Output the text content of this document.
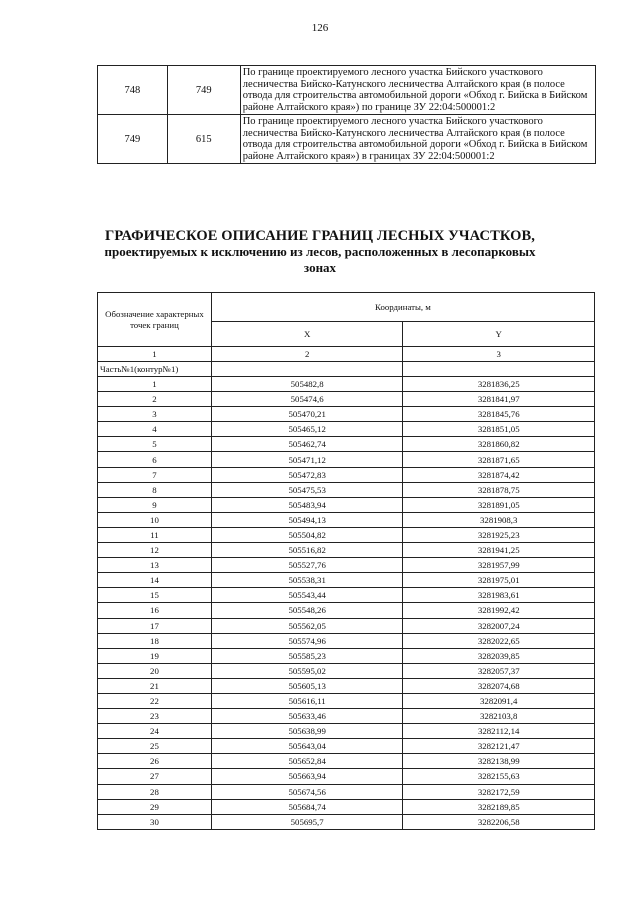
126
748	749	По границе проектируемого лесного участка Бийского участкового лесничества Бийско-Катунского лесничества Алтайского края (в полосе отвода для строительства автомобильной дороги «Обход г. Бийска в Бийском районе Алтайского края») по границе ЗУ 22:04:500001:2
749	615	По границе проектируемого лесного участка Бийского участкового лесничества Бийско-Катунского лесничества Алтайского края (в полосе отвода для строительства автомобильной дороги «Обход г. Бийска в Бийском районе Алтайского края») в границах ЗУ 22:04:500001:2
ГРАФИЧЕСКОЕ ОПИСАНИЕ ГРАНИЦ ЛЕСНЫХ УЧАСТКОВ,
проектируемых к исключению из лесов, расположенных в лесопарковых
зонах
Обозначение характерных точек границ	Координаты, м	
	X	Y
1	2	3
Часть№1(контур№1)		
1	505482,8	3281836,25
2	505474,6	3281841,97
3	505470,21	3281845,76
4	505465,12	3281851,05
5	505462,74	3281860,82
6	505471,12	3281871,65
7	505472,83	3281874,42
8	505475,53	3281878,75
9	505483,94	3281891,05
10	505494,13	3281908,3
11	505504,82	3281925,23
12	505516,82	3281941,25
13	505527,76	3281957,99
14	505538,31	3281975,01
15	505543,44	3281983,61
16	505548,26	3281992,42
17	505562,05	3282007,24
18	505574,96	3282022,65
19	505585,23	3282039,85
20	505595,02	3282057,37
21	505605,13	3282074,68
22	505616,11	3282091,4
23	505633,46	3282103,8
24	505638,99	3282112,14
25	505643,04	3282121,47
26	505652,84	3282138,99
27	505663,94	3282155,63
28	505674,56	3282172,59
29	505684,74	3282189,85
30	505695,7	3282206,58
